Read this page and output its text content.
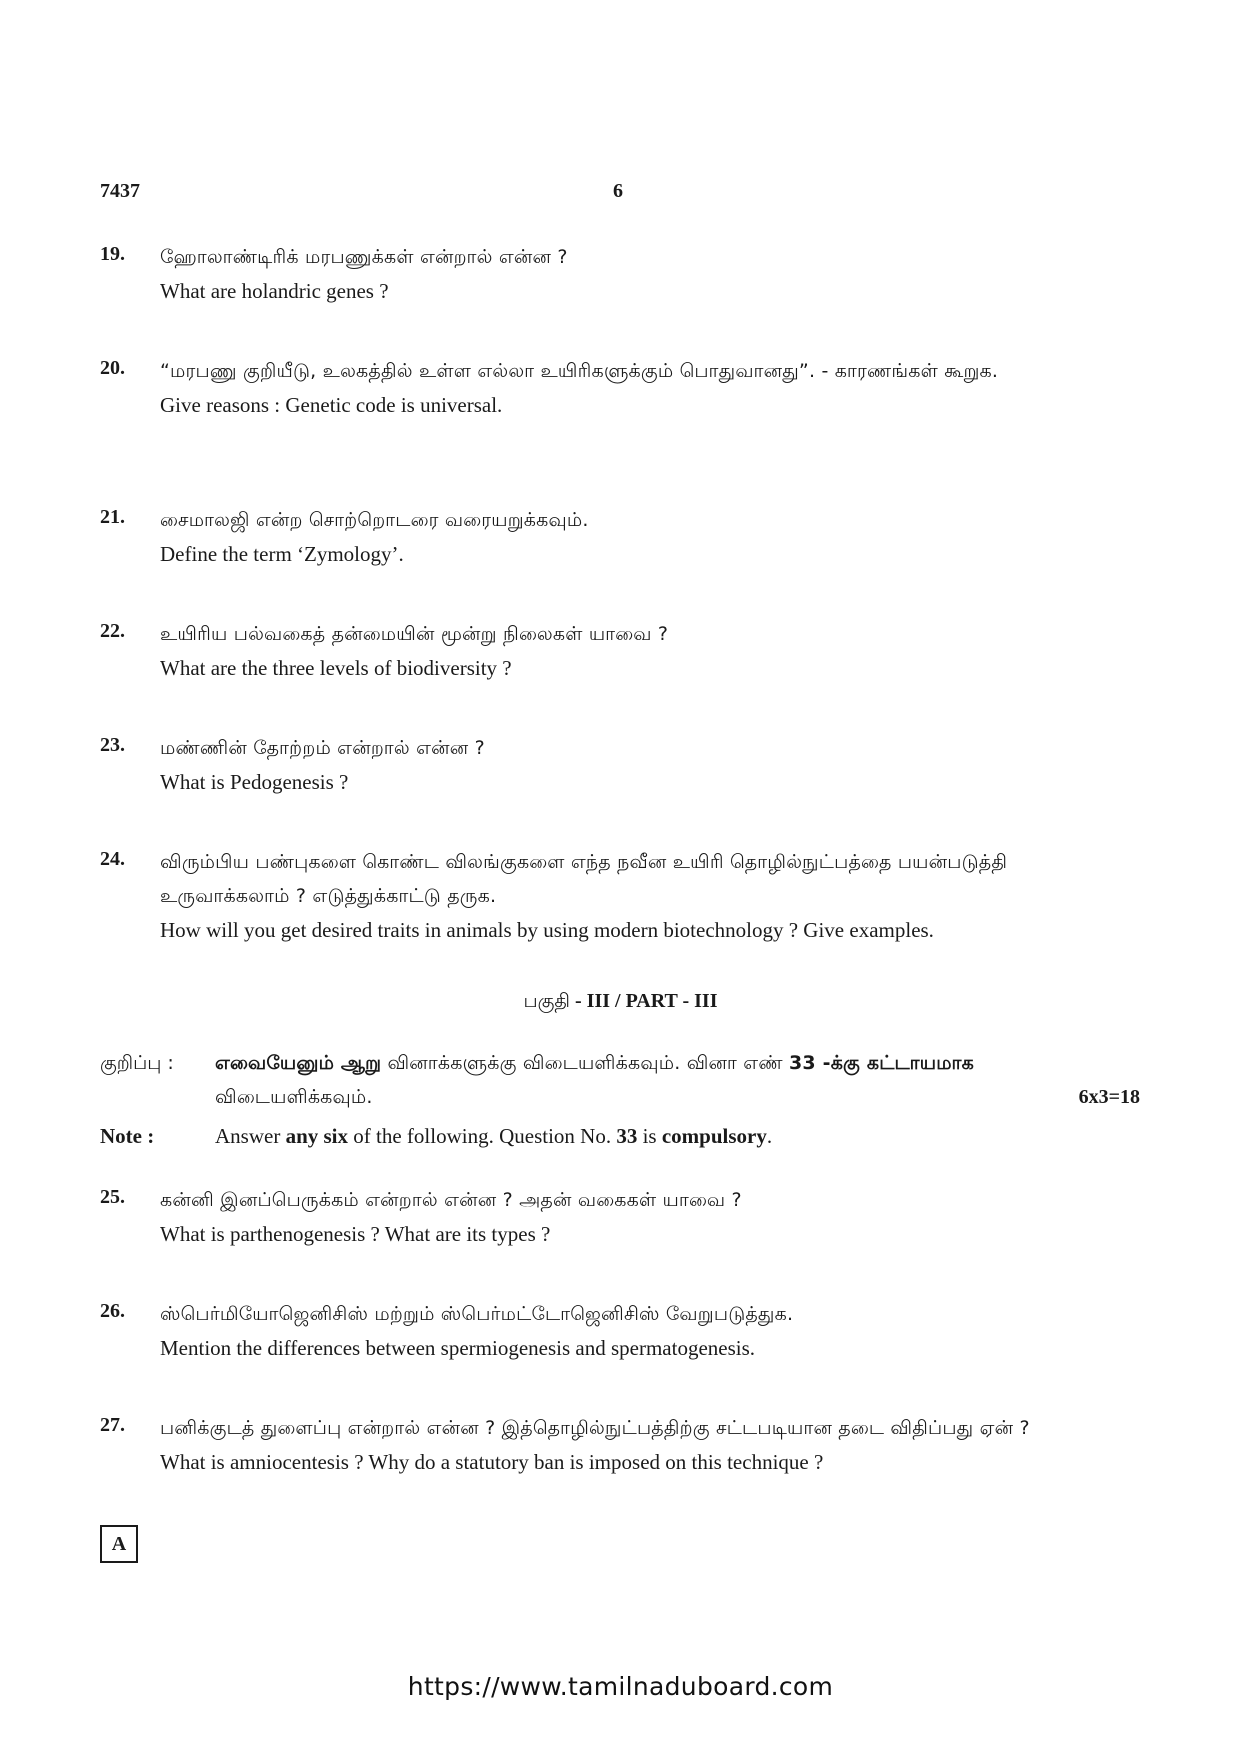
7437	6
19. ஹோலாண்டிரிக் மரபணுக்கள் என்றால் என்ன ?
What are holandric genes ?
20. “மரபணு குறியீடு, உலகத்தில் உள்ள எல்லா உயிரிகளுக்கும் பொதுவானது”. - காரணங்கள் கூறுக.
Give reasons : Genetic code is universal.
21. சைமாலஜி என்ற சொற்றொடரை வரையறுக்கவும்.
Define the term ‘Zymology’.
22. உயிரிய பல்வகைத் தன்மையின் மூன்று நிலைகள் யாவை ?
What are the three levels of biodiversity ?
23. மண்ணின் தோற்றம் என்றால் என்ன ?
What is Pedogenesis ?
24. விரும்பிய பண்புகளை கொண்ட விலங்குகளை எந்த நவீன உயிரி தொழில்நுட்பத்தை பயன்படுத்தி உருவாக்கலாம் ? எடுத்துக்காட்டு தருக.
How will you get desired traits in animals by using modern biotechnology ? Give examples.
பகுதி - III / PART - III
குறிப்பு : எவையேனும் ஆறு வினாக்களுக்கு விடையளிக்கவும். வினா எண் 33 -க்கு கட்டாயமாக விடையளிக்கவும்.	6x3=18
Note :	Answer any six of the following. Question No. 33 is compulsory.
25. கன்னி இனப்பெருக்கம் என்றால் என்ன ? அதன் வகைகள் யாவை ?
What is parthenogenesis ? What are its types ?
26. ஸ்பெர்மியோஜெனிசிஸ் மற்றும் ஸ்பெர்மட்டோஜெனிசிஸ் வேறுபடுத்துக.
Mention the differences between spermiogenesis and spermatogenesis.
27. பனிக்குடத் துளைப்பு என்றால் என்ன ? இத்தொழில்நுட்பத்திற்கு சட்டபடியான தடை விதிப்பது ஏன் ?
What is amniocentesis ? Why do a statutory ban is imposed on this technique ?
A
https://www.tamilnaduboard.com
